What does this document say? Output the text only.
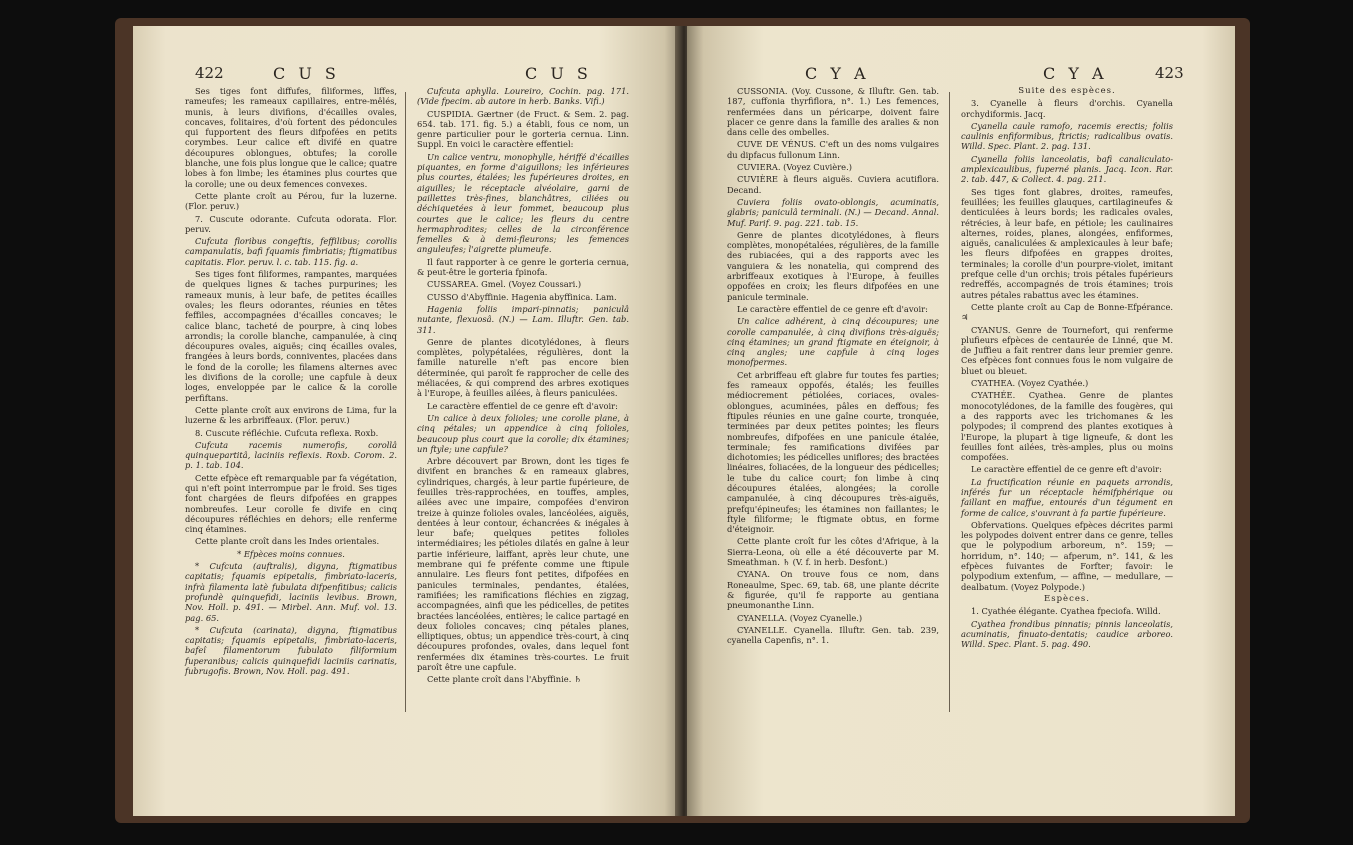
422	C U S	C U S

Ses tiges font diffufes, filiformes, liffes, rameufes; les rameaux capillaires, entre-mêlés, munis, à leurs divifions, d'écailles ovales, concaves, folitaires, d'où fortent des pédoncules qui fupportent des fleurs difpofées en petits corymbes. Leur calice eft divifé en quatre découpures oblongues, obtufes; la corolle blanche, une fois plus longue que le calice; quatre lobes à fon limbe; les étamines plus courtes que la corolle; une ou deux femences convexes.

Cette plante croît au Pérou, fur la luzerne. (Flor. peruv.)

7. Cuscute odorante. Cufcuta odorata. Flor. peruv.

Cufcuta floribus congeftis, feffilibus; corollis campanulatis, bafi fquamis fimbriatis; ftigmatibus capitatis. Flor. peruv. l. c. tab. 115. fig. a.

Ses tiges font filiformes, rampantes, marquées de quelques lignes & taches purpurines; les rameaux munis, à leur bafe, de petites écailles ovales; les fleurs odorantes, réunies en têtes feffiles, accompagnées d'écailles concaves; le calice blanc, tacheté de pourpre, à cinq lobes arrondis; la corolle blanche, campanulée, à cinq découpures ovales, aiguës; cinq écailles ovales, frangées à leurs bords, conniventes, placées dans le fond de la corolle; les filamens alternes avec les divifions de la corolle; une capfule à deux loges, enveloppée par le calice & la corolle perfiftans.

Cette plante croît aux environs de Lima, fur la luzerne & les arbriffeaux. (Flor. peruv.)

8. Cuscute réfléchie. Cufcuta reflexa. Roxb.

Cufcuta racemis numerofis, corollâ quinquepartitâ, laciniis reflexis. Roxb. Corom. 2. p. 1. tab. 104.

Cette efpèce eft remarquable par fa végétation, qui n'eft point interrompue par le froid. Ses tiges font chargées de fleurs difpofées en grappes nombreufes. Leur corolle fe divife en cinq découpures réfléchies en dehors; elle renferme cinq étamines.

Cette plante croît dans les Indes orientales.

* Efpèces moins connues.

* Cufcuta (auftralis), digyna, ftigmatibus capitatis; fquamis epipetalis, fimbriato-laceris, infrà filamenta latè fubulata difpenfitibus; calicis profundè quinquefidi, laciniis levibus. Brown, Nov. Holl. p. 491. — Mirbel. Ann. Muf. vol. 13. pag. 65.

* Cufcuta (carinata), digyna, ftigmatibus capitatis; fquamis epipetalis, fimbriato-laceris, bafeî filamentorum fubulato filiformium fuperanibus; calicis quinquefidi laciniis carinatis, fubrugofis. Brown, Nov. Holl. pag. 491.

Cufcuta aphylla. Loureiro, Cochin. pag. 171. (Vide fpecim. ab autore in herb. Banks. Vifi.)

CUSPIDIA. Gærtner (de Fruct. & Sem. 2. pag. 654. tab. 171. fig. 5.) a établi, fous ce nom, un genre particulier pour le gorteria cernua. Linn. Suppl. En voici le caractère effentiel:

Un calice ventru, monophylle, hériffé d'écailles piquantes, en forme d'aiguillons; les inférieures plus courtes, étalées; les fupérieures droites, en aiguilles; le réceptacle alvéolaire, garni de paillettes très-fines, blanchâtres, ciliées ou déchiquetées à leur fommet, beaucoup plus courtes que le calice; les fleurs du centre hermaphrodites; celles de la circonférence femelles & à demi-fleurons; les femences anguleufes; l'aigrette plumeufe.

Il faut rapporter à ce genre le gorteria cernua, & peut-être le gorteria fpinofa.

CUSSAREA. Gmel. (Voyez Coussari.)

CUSSO d'Abyffinie. Hagenia abyffinica. Lam.

Hagenia foliis impari-pinnatis; paniculâ nutante, flexuosâ. (N.) — Lam. Illuftr. Gen. tab. 311.

Genre de plantes dicotylédones, à fleurs complètes, polypétalées, régulières, dont la famille naturelle n'eft pas encore bien déterminée, qui paroît fe rapprocher de celle des méliacées, & qui comprend des arbres exotiques à l'Europe, à feuilles ailées, à fleurs paniculées.

Le caractère effentiel de ce genre eft d'avoir:

Un calice à deux folioles; une corolle plane, à cinq pétales; un appendice à cinq folioles, beaucoup plus court que la corolle; dix étamines; un ftyle; une capfule?

Arbre découvert par Brown, dont les tiges fe divifent en branches & en rameaux glabres, cylindriques, chargés, à leur partie fupérieure, de feuilles très-rapprochées, en touffes, amples, ailées avec une impaire, compofées d'environ treize à quinze folioles ovales, lancéolées, aiguës, dentées à leur contour, échancrées & inégales à leur bafe; quelques petites folioles intermédiaires; les pétioles dilatés en gaîne à leur partie inférieure, laiffant, après leur chute, une membrane qui fe préfente comme une ftipule annulaire. Les fleurs font petites, difpofées en panicules terminales, pendantes, étalées, ramifiées; les ramifications fléchies en zigzag, accompagnées, ainfi que les pédicelles, de petites bractées lancéolées, entières; le calice partagé en deux folioles concaves; cinq pétales planes, elliptiques, obtus; un appendice très-court, à cinq découpures profondes, ovales, dans lequel font renfermées dix étamines très-courtes. Le fruit paroît être une capfule.

Cette plante croît dans l'Abyffinie. ♄

C Y A	C Y A	423

CUSSONIA. (Voy. Cussone, & Illuftr. Gen. tab. 187, cuffonia thyrfiflora, n°. 1.) Les femences, renfermées dans un péricarpe, doivent faire placer ce genre dans la famille des aralies & non dans celle des ombelles.

CUVE DE VÉNUS. C'eft un des noms vulgaires du dipfacus fullonum Linn.

CUVIERA. (Voyez Cuvière.)

CUVIÈRE à fleurs aiguës. Cuviera acutiflora. Decand.

Cuviera foliis ovato-oblongis, acuminatis, glabris; paniculâ terminali. (N.) — Decand. Annal. Muf. Parif. 9. pag. 221. tab. 15.

Genre de plantes dicotylédones, à fleurs complètes, monopétalées, régulières, de la famille des rubiacées, qui a des rapports avec les vanguiera & les nonatelia, qui comprend des arbriffeaux exotiques à l'Europe, à feuilles oppofées en croix; les fleurs difpofées en une panicule terminale.

Le caractère effentiel de ce genre eft d'avoir:

Un calice adhérent, à cinq découpures; une corolle campanulée, à cinq divifions très-aiguës; cinq étamines; un grand ftigmate en éteignoir, à cinq angles; une capfule à cinq loges monofpermes.

Cet arbriffeau eft glabre fur toutes fes parties; fes rameaux oppofés, étalés; les feuilles médiocrement pétiolées, coriaces, ovales-oblongues, acuminées, pâles en deffous; fes ftipules réunies en une gaîne courte, tronquée, terminées par deux petites pointes; les fleurs nombreufes, difpofées en une panicule étalée, terminale; fes ramifications divifées par dichotomies; les pédicelles uniflores; des bractées linéaires, foliacées, de la longueur des pédicelles; le tube du calice court; fon limbe à cinq découpures étalées, alongées; la corolle campanulée, à cinq découpures très-aiguës, prefqu'épineufes; les étamines non faillantes; le ftyle filiforme; le ftigmate obtus, en forme d'éteignoir.

Cette plante croît fur les côtes d'Afrique, à la Sierra-Leona, où elle a été découverte par M. Smeathman. ♄ (V. f. in herb. Desfont.)

CYANA. On trouve fous ce nom, dans Roneaulme, Spec. 69, tab. 68, une plante décrite & figurée, qu'il fe rapporte au gentiana pneumonanthe Linn.

CYANELLA. (Voyez Cyanelle.)

CYANELLE. Cyanella. Illuftr. Gen. tab. 239, cyanella Capenfis, n°. 1.

Suite des espèces.

3. Cyanelle à fleurs d'orchis. Cyanella orchydiformis. Jacq.

Cyanella caule ramofo, racemis erectis; foliis caulinis enfiformibus, ftrictis; radicalibus ovatis. Willd. Spec. Plant. 2. pag. 131.

Cyanella foliis lanceolatis, bafi canaliculato-amplexicaulibus, fuperné planis. Jacq. Icon. Rar. 2. tab. 447, & Collect. 4. pag. 211.

Ses tiges font glabres, droites, rameufes, feuillées; les feuilles glauques, cartilagineufes & denticulées à leurs bords; les radicales ovales, rétrécies, à leur bafe, en pétiole; les caulinaires alternes, roides, planes, alongées, enfiformes, aiguës, canaliculées & amplexicaules à leur bafe; les fleurs difpofées en grappes droites, terminales; la corolle d'un pourpre-violet, imitant prefque celle d'un orchis; trois pétales fupérieurs redreffés, accompagnés de trois étamines; trois autres pétales rabattus avec les étamines.

Cette plante croît au Cap de Bonne-Efpérance. ♃

CYANUS. Genre de Tournefort, qui renferme plufieurs efpèces de centaurée de Linné, que M. de Juffieu a fait rentrer dans leur premier genre. Ces efpèces font connues fous le nom vulgaire de bluet ou bleuet.

CYATHEA. (Voyez Cyathée.)

CYATHÉE. Cyathea. Genre de plantes monocotylédones, de la famille des fougères, qui a des rapports avec les trichomanes & les polypodes; il comprend des plantes exotiques à l'Europe, la plupart à tige ligneufe, & dont les feuilles font ailées, très-amples, plus ou moins compofées.

Le caractère effentiel de ce genre eft d'avoir:

La fructification réunie en paquets arrondis, inférés fur un réceptacle hémifphérique ou faillant en maffue, entourés d'un tégument en forme de calice, s'ouvrant à fa partie fupérieure.

Obfervations. Quelques efpèces décrites parmi les polypodes doivent entrer dans ce genre, telles que le polypodium arboreum, n°. 159; — horridum, n°. 140; — afperum, n°. 141, & les efpèces fuivantes de Forfter; favoir: le polypodium extenfum, — affine, — medullare, — dealbatum. (Voyez Polypode.)

Espèces.

1. Cyathée élégante. Cyathea fpeciofa. Willd.

Cyathea frondibus pinnatis; pinnis lanceolatis, acuminatis, finuato-dentatis; caudice arboreo. Willd. Spec. Plant. 5. pag. 490.
